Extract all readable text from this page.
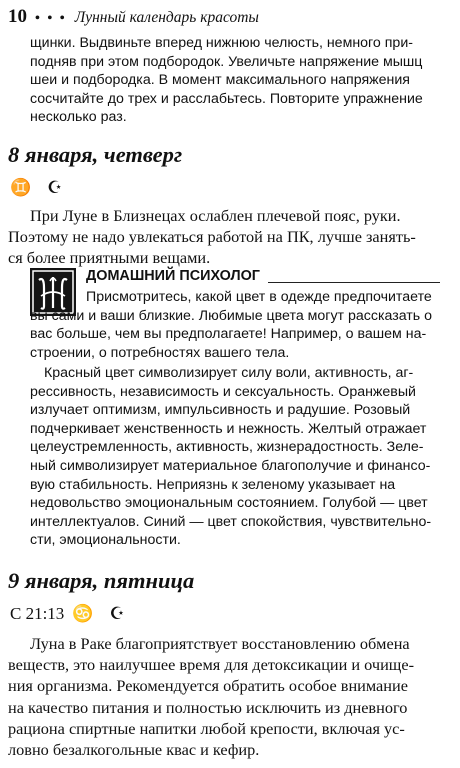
10 • • • Лунный календарь красоты
щинки. Выдвиньте вперед нижнюю челюсть, немного при-
подняв при этом подбородок. Увеличьте напряжение мышц
шеи и подбородка. В момент максимального напряжения
сосчитайте до трех и расслабьтесь. Повторите упражнение
несколько раз.
8 января, четверг
♊ ☪
При Луне в Близнецах ослаблен плечевой пояс, руки.
Поэтому не надо увлекаться работой на ПК, лучше занять-
ся более приятными вещами.
ДОМАШНИЙ ПСИХОЛОГ
Присмотритесь, какой цвет в одежде предпочитаете
вы сами и ваши близкие. Любимые цвета могут рассказать о
вас больше, чем вы предполагаете! Например, о вашем на-
строении, о потребностях вашего тела.
Красный цвет символизирует силу воли, активность, аг-
рессивность, независимость и сексуальность. Оранжевый
излучает оптимизм, импульсивность и радушие. Розовый
подчеркивает женственность и нежность. Желтый отражает
целеустремленность, активность, жизнерадостность. Зеле-
ный символизирует материальное благополучие и финансо-
вую стабильность. Неприязнь к зеленому указывает на
недовольство эмоциональным состоянием. Голубой — цвет
интеллектуалов. Синий — цвет спокойствия, чувствительно-
сти, эмоциональности.
9 января, пятница
С 21:13 ♋ ☪
Луна в Раке благоприятствует восстановлению обмена
веществ, это наилучшее время для детоксикации и очище-
ния организма. Рекомендуется обратить особое внимание
на качество питания и полностью исключить из дневного
рациона спиртные напитки любой крепости, включая ус-
ловно безалкогольные квас и кефир.
